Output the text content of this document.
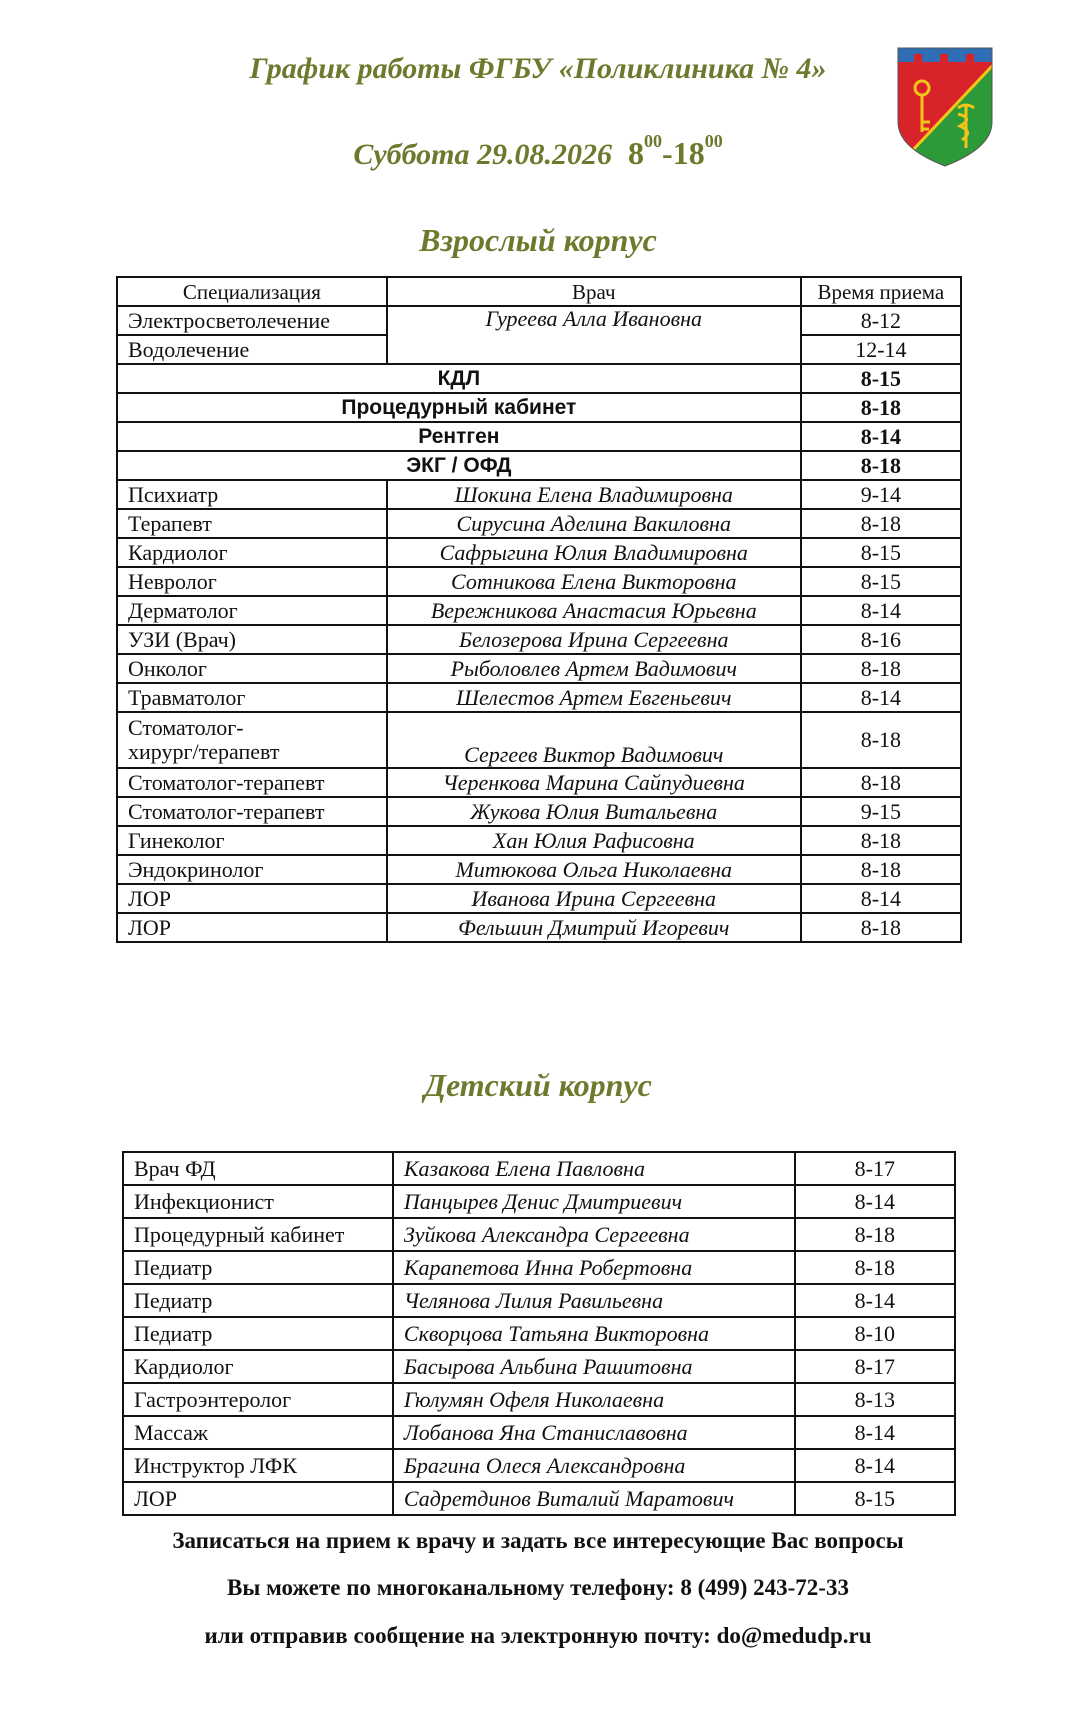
График работы ФГБУ «Поликлиника № 4»
Суббота 29.08.2026 $8^{00}-18^{00}$
Взрослый корпус
Специализация	Врач	Время приема
Электросветолечение	Гуреева Алла Ивановна	8-12
Водолечение		12-14
КДЛ		8-15
Процедурный кабинет		8-18
Рентген		8-14
ЭКГ / ОФД		8-18
Психиатр	Шокина Елена Владимировна	9-14
Терапевт	Сирусина Аделина Вакиловна	8-18
Кардиолог	Сафрыгина Юлия Владимировна	8-15
Невролог	Сотникова Елена Викторовна	8-15
Дерматолог	Вережникова Анастасия Юрьевна	8-14
УЗИ (Врач)	Белозерова Ирина Сергеевна	8-16
Онколог	Рыболовлев Артем Вадимович	8-18
Травматолог	Шелестов Артем Евгеньевич	8-14

Стоматолог-
хирург/терапевт	Сергеев Виктор Вадимович	8-18
Стоматолог-терапевт	Черенкова Марина Сайпудиевна	8-18
Стоматолог-терапевт	Жукова Юлия Витальевна	9-15
Гинеколог	Хан Юлия Рафисовна	8-18
Эндокринолог	Митюкова Ольга Николаевна	8-18
ЛОР	Иванова Ирина Сергеевна	8-14
ЛОР	Фельшин Дмитрий Игоревич	8-18
Детский корпус
Врач ФД	Казакова Елена Павловна	8-17
Инфекционист	Панцырев Денис Дмитриевич	8-14
Процедурный кабинет	Зуйкова Александра Сергеевна	8-18
Педиатр	Карапетова Инна Робертовна	8-18
Педиатр	Челянова Лилия Равильевна	8-14
Педиатр	Скворцова Татьяна Викторовна	8-10
Кардиолог	Басырова Альбина Рашитовна	8-17
Гастроэнтеролог	Гюлумян Офеля Николаевна	8-13
Массаж	Лобанова Яна Станиславовна	8-14
Инструктор ЛФК	Брагина Олеся Александровна	8-14
ЛОР	Садретдинов Виталий Маратович	8-15
Записаться на прием к врачу и задать все интересующие Вас вопросы
Вы можете по многоканальному телефону: 8 (499) 243-72-33
или отправив сообщение на электронную почту: do@medudp.ru
